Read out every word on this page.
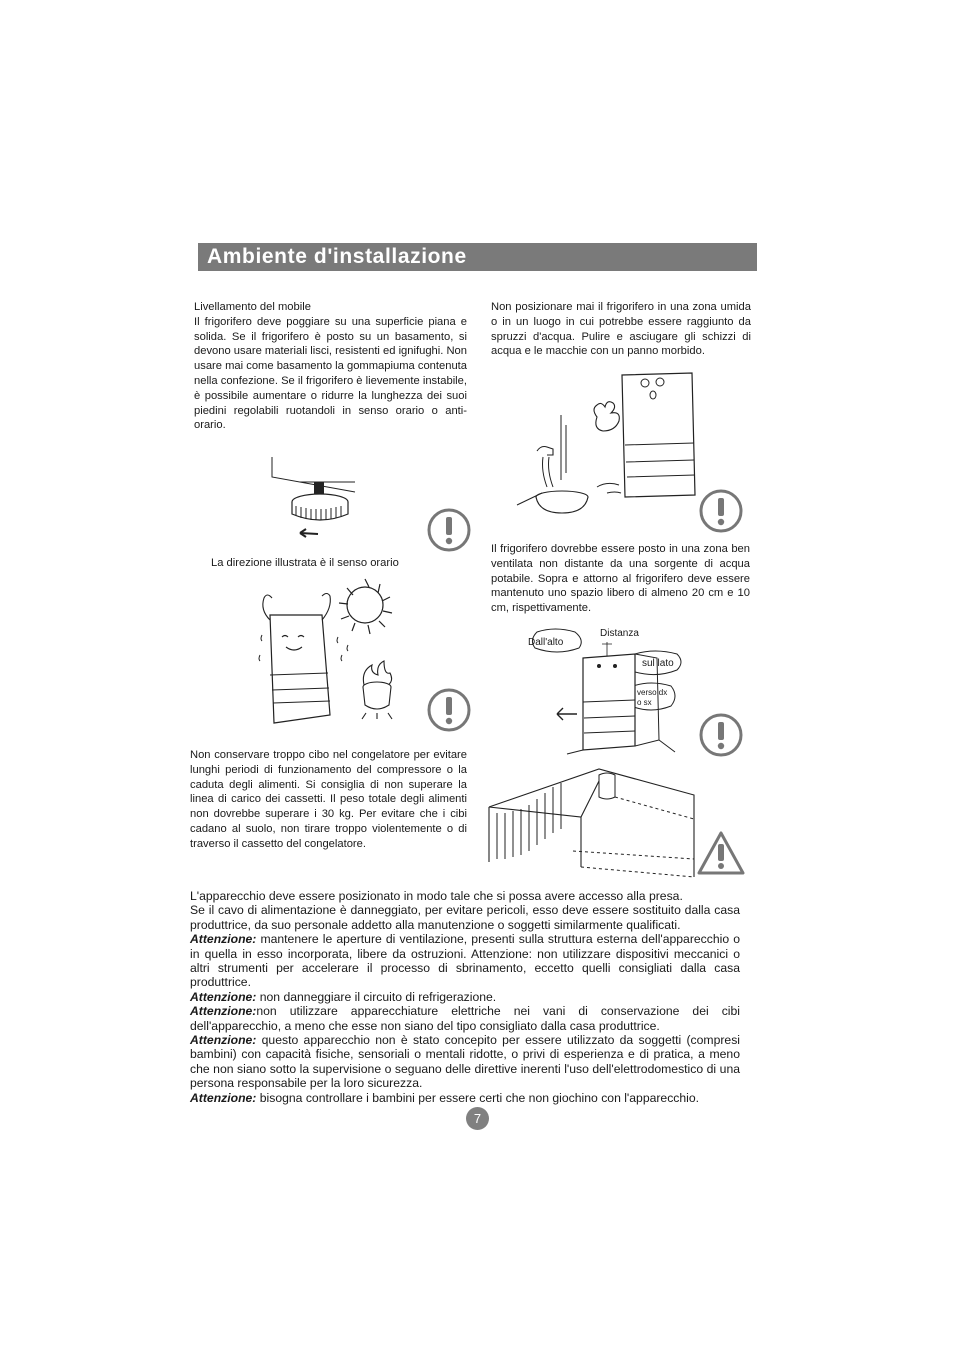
Ambiente d'installazione
Livellamento del mobile
Il frigorifero deve poggiare su una superficie piana e solida. Se il frigorifero è posto su un basamento, si devono usare materiali lisci, resistenti ed ignifughi. Non usare mai come basamento la gommapiuma contenuta nella confezione. Se il frigorifero è lievemente instabile, è possibile aumentare o ridurre la lunghezza dei suoi piedini regolabili ruotandoli in senso orario o anti-orario.
La direzione illustrata è il senso orario
Non conservare troppo cibo nel congelatore per evitare lunghi periodi di funzionamento del compressore o la caduta degli alimenti. Si consiglia di non superare la linea di carico dei cassetti. Il peso totale degli alimenti non dovrebbe superare i 30 kg. Per evitare che i cibi cadano al suolo, non tirare troppo violentemente o di traverso il cassetto del congelatore.
Non posizionare mai il frigorifero in una zona umida o in un luogo in cui potrebbe essere raggiunto da spruzzi d'acqua. Pulire e asciugare gli schizzi di acqua e le macchie con un panno morbido.
Il frigorifero dovrebbe essere posto in una zona ben ventilata non distante da una sorgente di acqua potabile. Sopra e attorno al frigorifero deve essere mantenuto uno spazio libero di almeno 20 cm e 10 cm, rispettivamente.
Distanza
Dall'alto
sul lato
verso dx
o sx

L'apparecchio deve essere posizionato in modo tale che si possa avere accesso alla presa.

Se il cavo di alimentazione è danneggiato, per evitare pericoli, esso deve essere sostituito dalla casa produttrice, da suo personale addetto alla manutenzione o soggetti similarmente qualificati.

Attenzione: mantenere le aperture di ventilazione, presenti sulla struttura esterna dell'apparecchio o in quella in esso incorporata, libere da ostruzioni. Attenzione: non utilizzare dispositivi meccanici o altri strumenti per accelerare il processo di sbrinamento, eccetto quelli consigliati dalla casa produttrice.

Attenzione: non danneggiare il circuito di refrigerazione.

Attenzione:non utilizzare apparecchiature elettriche nei vani di conservazione dei cibi dell'apparecchio, a meno che esse non siano del tipo consigliato dalla casa produttrice.

Attenzione: questo apparecchio non è stato concepito per essere utilizzato da soggetti (compresi bambini) con capacità fisiche, sensoriali o mentali ridotte, o privi di esperienza e di pratica, a meno che non siano sotto la supervisione o seguano delle direttive inerenti l'uso dell'elettrodomestico di una persona responsabile per la loro sicurezza.

Attenzione: bisogna controllare i bambini per essere certi che non giochino con l'apparecchio.

7
